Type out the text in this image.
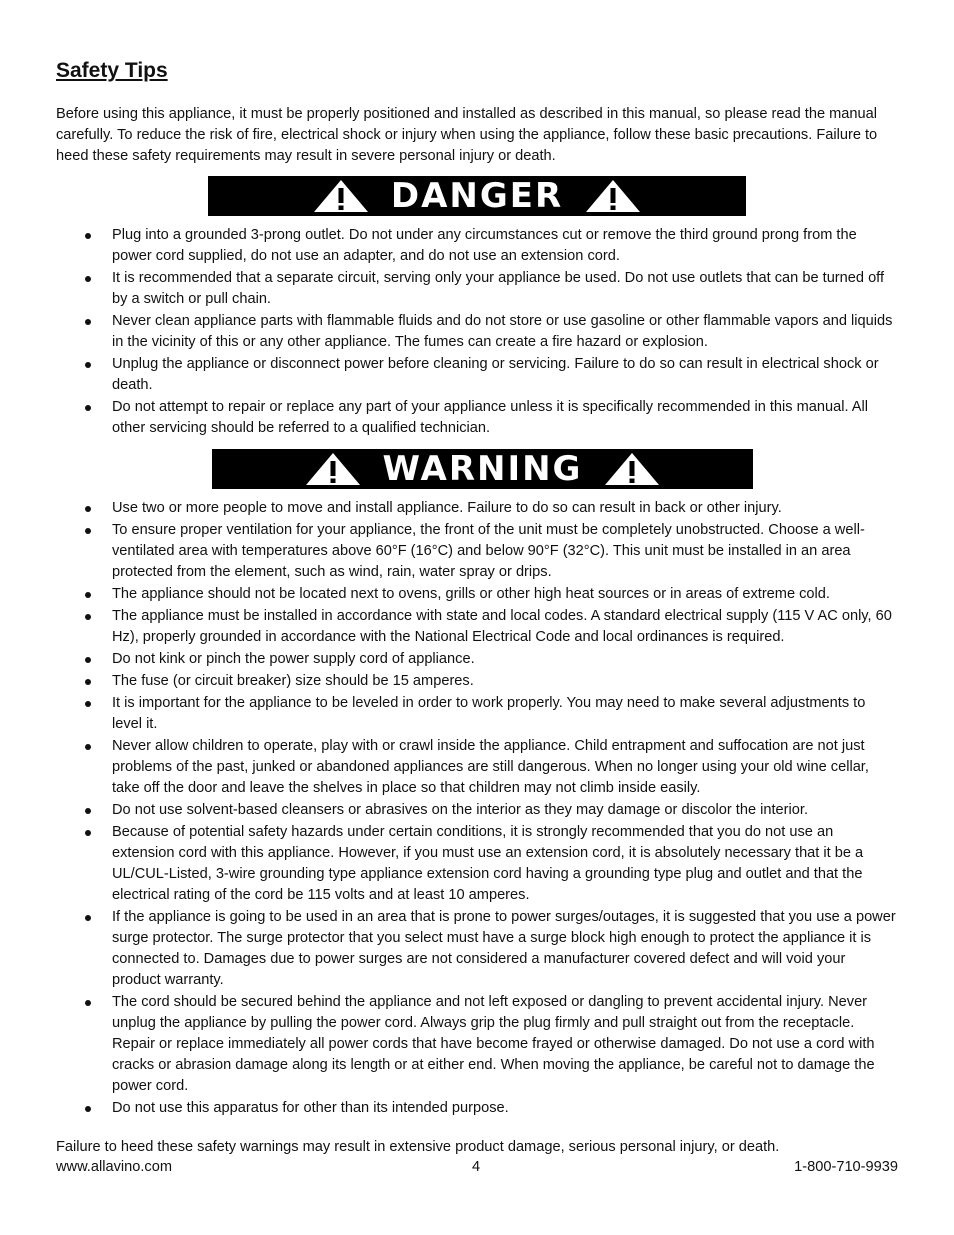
Safety Tips

Before using this appliance, it must be properly positioned and installed as described in this manual, so please read the manual carefully. To reduce the risk of fire, electrical shock or injury when using the appliance, follow these basic precautions. Failure to heed these safety requirements may result in severe personal injury or death.

DANGER
Plug into a grounded 3-prong outlet. Do not under any circumstances cut or remove the third ground prong from the power cord supplied, do not use an adapter, and do not use an extension cord.
It is recommended that a separate circuit, serving only your appliance be used. Do not use outlets that can be turned off by a switch or pull chain.
Never clean appliance parts with flammable fluids and do not store or use gasoline or other flammable vapors and liquids in the vicinity of this or any other appliance. The fumes can create a fire hazard or explosion.
Unplug the appliance or disconnect power before cleaning or servicing. Failure to do so can result in electrical shock or death.
Do not attempt to repair or replace any part of your appliance unless it is specifically recommended in this manual. All other servicing should be referred to a qualified technician.
WARNING
Use two or more people to move and install appliance. Failure to do so can result in back or other injury.
To ensure proper ventilation for your appliance, the front of the unit must be completely unobstructed. Choose a well-ventilated area with temperatures above 60°F (16°C) and below 90°F (32°C). This unit must be installed in an area protected from the element, such as wind, rain, water spray or drips.
The appliance should not be located next to ovens, grills or other high heat sources or in areas of extreme cold.
The appliance must be installed in accordance with state and local codes. A standard electrical supply (115 V AC only, 60 Hz), properly grounded in accordance with the National Electrical Code and local ordinances is required.
Do not kink or pinch the power supply cord of appliance.
The fuse (or circuit breaker) size should be 15 amperes.
It is important for the appliance to be leveled in order to work properly. You may need to make several adjustments to level it.
Never allow children to operate, play with or crawl inside the appliance. Child entrapment and suffocation are not just problems of the past, junked or abandoned appliances are still dangerous. When no longer using your old wine cellar, take off the door and leave the shelves in place so that children may not climb inside easily.
Do not use solvent-based cleansers or abrasives on the interior as they may damage or discolor the interior.
Because of potential safety hazards under certain conditions, it is strongly recommended that you do not use an extension cord with this appliance. However, if you must use an extension cord, it is absolutely necessary that it be a UL/CUL-Listed, 3-wire grounding type appliance extension cord having a grounding type plug and outlet and that the electrical rating of the cord be 115 volts and at least 10 amperes.
If the appliance is going to be used in an area that is prone to power surges/outages, it is suggested that you use a power surge protector. The surge protector that you select must have a surge block high enough to protect the appliance it is connected to. Damages due to power surges are not considered a manufacturer covered defect and will void your product warranty.
The cord should be secured behind the appliance and not left exposed or dangling to prevent accidental injury. Never unplug the appliance by pulling the power cord. Always grip the plug firmly and pull straight out from the receptacle. Repair or replace immediately all power cords that have become frayed or otherwise damaged. Do not use a cord with cracks or abrasion damage along its length or at either end. When moving the appliance, be careful not to damage the power cord.
Do not use this apparatus for other than its intended purpose.

Failure to heed these safety warnings may result in extensive product damage, serious personal injury, or death.

www.allavino.com	4	1-800-710-9939
